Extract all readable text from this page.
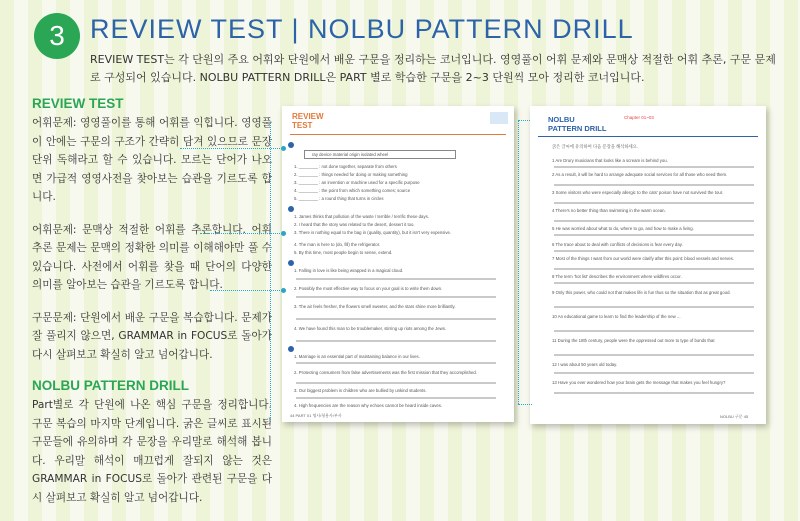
3 REVIEW TEST | NOLBU PATTERN DRILL
REVIEW TEST는 각 단원의 주요 어휘와 단원에서 배운 구문을 정리하는 코너입니다. 영영풀이 어휘 문제와 문맥상 적절한 어휘 추론, 구문 문제로 구성되어 있습니다. NOLBU PATTERN DRILL은 PART 별로 학습한 구문을 2~3 단원씩 모아 정리한 코너입니다.
REVIEW TEST

어휘문제: 영영풀이를 통해 어휘를 익힙니다. 영영풀이 안에는 구문의 구조가 간략히 담겨 있으므로 문장 단위 독해라고 할 수 있습니다. 모르는 단어가 나오면 가급적 영영사전을 찾아보는 습관을 기르도록 합니다.

어휘문제: 문맥상 적절한 어휘를 추론합니다. 어휘 추론 문제는 문맥의 정확한 의미를 이해해야만 풀 수 있습니다. 사전에서 어휘를 찾을 때 단어의 다양한 의미를 알아보는 습관을 기르도록 합니다.

구문문제: 단원에서 배운 구문을 복습합니다. 문제가 잘 풀리지 않으면, GRAMMAR in FOCUS로 돌아가 다시 살펴보고 확실히 알고 넘어갑니다.

NOLBU PATTERN DRILL

Part별로 각 단원에 나온 핵심 구문을 정리합니다. 구문 복습의 마지막 단계입니다. 굵은 글씨로 표시된 구문들에 유의하며 각 문장을 우리말로 해석해 봅니다. 우리말 해석이 매끄럽게 잘되지 않는 것은 GRAMMAR in FOCUS로 돌아가 관련된 구문을 다시 살펴보고 확실히 알고 넘어갑니다.

REVIEW TEST
ray device material origin isolated wheel
1. ________ : not done together, separate from others
2. ________ : things needed for doing or making something
3. ________ : an invention or machine used for a specific purpose
4. ________ : the point from which something comes; source
5. ________ : a round thing that turns in circles
1. James thinks that pollution of the waste / terrible / terrific these days.
2. I heard that the story was related to the desert, dessert it too.
3. There is nothing equal to the bag in (quality, quantity), but it isn't very expensive.
4. The man is here to (do, fill) the refrigerator.
5. By this time, most people begin to sense, extend.
1. Falling in love is like being wrapped in a magical cloud.
2. Possibly the most effective way to focus on your goal is to write them down.
3. The air feels fresher, the flowers smell sweeter, and the stars shine more brilliantly.
4. We have found this man to be troublemaker, stirring up riots among the Jews.
1. Marriage is an essential part of maintaining balance in our lives.
2. Protecting consumers from false advertisements was the first mission that they accomplished.
3. Our biggest problem is children who are bullied by unkind students.
4. High frequencies are the reason why echoes cannot be heard inside caves.
44 PART 01 명사/형용사/부사
NOLBU
PATTERN DRILL
Chapter 01~03
굵은 글씨에 유의하여 다음 문장을 해석하세요.
1 Are Drury musicians that looks like a scream is behind you.
2 As a result, it will be hard to arrange adequate social services for all those who need them.
3 Some visitors who were especially allergic to the cats' poison have not survived the tour.
4 There's no better thing than swimming in the warm ocean.
5 He was worried about what to do, where to go, and how to make a living.
6 The trace about to deal with conflicts of decisions is fear every day.
7 Most of the things I want from our world were clarify after this point: blood vessels and nerves.
8 The term 'hot list' describes the environment where wildfires occur.
9 Only this power, who could not that makes life is fun thus so the situation that as great good.
10 An educational game to learn to find the leadership of the new ...
11 During the 18th century, people were the oppressed out more to type of bonds that
12 I was about 50 years old today.
13 Have you ever wondered how your brain gets the message that makes you feel hungry?
NOLBU 구문 45
